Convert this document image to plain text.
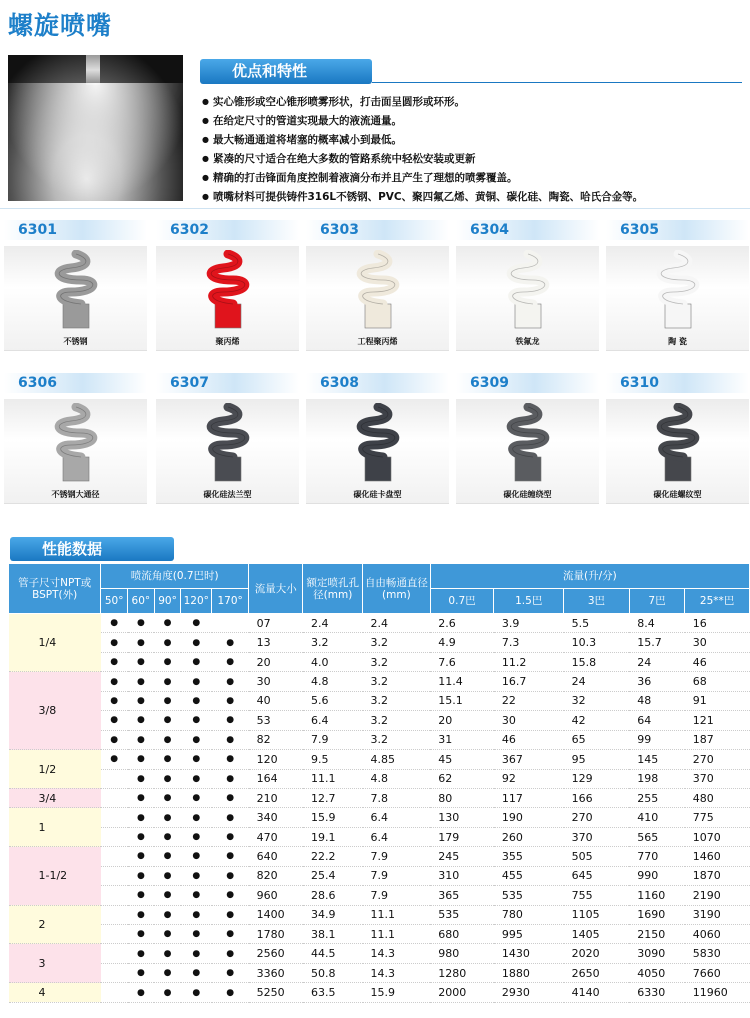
螺旋喷嘴
优点和特性
● 实心锥形或空心锥形喷雾形状，打击面呈圆形或环形。
● 在给定尺寸的管道实现最大的液流通量。
● 最大畅通通道将堵塞的概率减小到最低。
● 紧凑的尺寸适合在绝大多数的管路系统中轻松安装或更新
● 精确的打击锋面角度控制着液滴分布并且产生了理想的喷雾覆盖。
● 喷嘴材料可提供铸件316L不锈钢、PVC、聚四氟乙烯、黄铜、碳化硅、陶瓷、哈氏合金等。
6301
不锈钢
6302
聚丙烯
6303
工程聚丙烯
6304
铁氟龙
6305
陶 瓷
6306
不锈钢大通径
6307
碳化硅法兰型
6308
碳化硅卡盘型
6309
碳化硅缠绕型
6310
碳化硅螺纹型
性能数据
管子尺寸NPT或BSPT(外)	喷流角度(0.7巴时)					流量大小	额定喷孔孔径(mm)	自由畅通直径(mm)	流量(升/分)				
	50°	60°	90°	120°	170°				0.7巴	1.5巴	3巴	7巴	25**巴
1/4	●	●	●	●		07	2.4	2.4	2.6	3.9	5.5	8.4	16
	●	●	●	●	●	13	3.2	3.2	4.9	7.3	10.3	15.7	30
	●	●	●	●	●	20	4.0	3.2	7.6	11.2	15.8	24	46
3/8	●	●	●	●	●	30	4.8	3.2	11.4	16.7	24	36	68
	●	●	●	●	●	40	5.6	3.2	15.1	22	32	48	91
	●	●	●	●	●	53	6.4	3.2	20	30	42	64	121
	●	●	●	●	●	82	7.9	3.2	31	46	65	99	187
1/2	●	●	●	●	●	120	9.5	4.85	45	367	95	145	270
		●	●	●	●	164	11.1	4.8	62	92	129	198	370
3/4		●	●	●	●	210	12.7	7.8	80	117	166	255	480
1		●	●	●	●	340	15.9	6.4	130	190	270	410	775
		●	●	●	●	470	19.1	6.4	179	260	370	565	1070
1-1/2		●	●	●	●	640	22.2	7.9	245	355	505	770	1460
		●	●	●	●	820	25.4	7.9	310	455	645	990	1870
		●	●	●	●	960	28.6	7.9	365	535	755	1160	2190
2		●	●	●	●	1400	34.9	11.1	535	780	1105	1690	3190
		●	●	●	●	1780	38.1	11.1	680	995	1405	2150	4060
3		●	●	●	●	2560	44.5	14.3	980	1430	2020	3090	5830
		●	●	●	●	3360	50.8	14.3	1280	1880	2650	4050	7660
4		●	●	●	●	5250	63.5	15.9	2000	2930	4140	6330	11960
